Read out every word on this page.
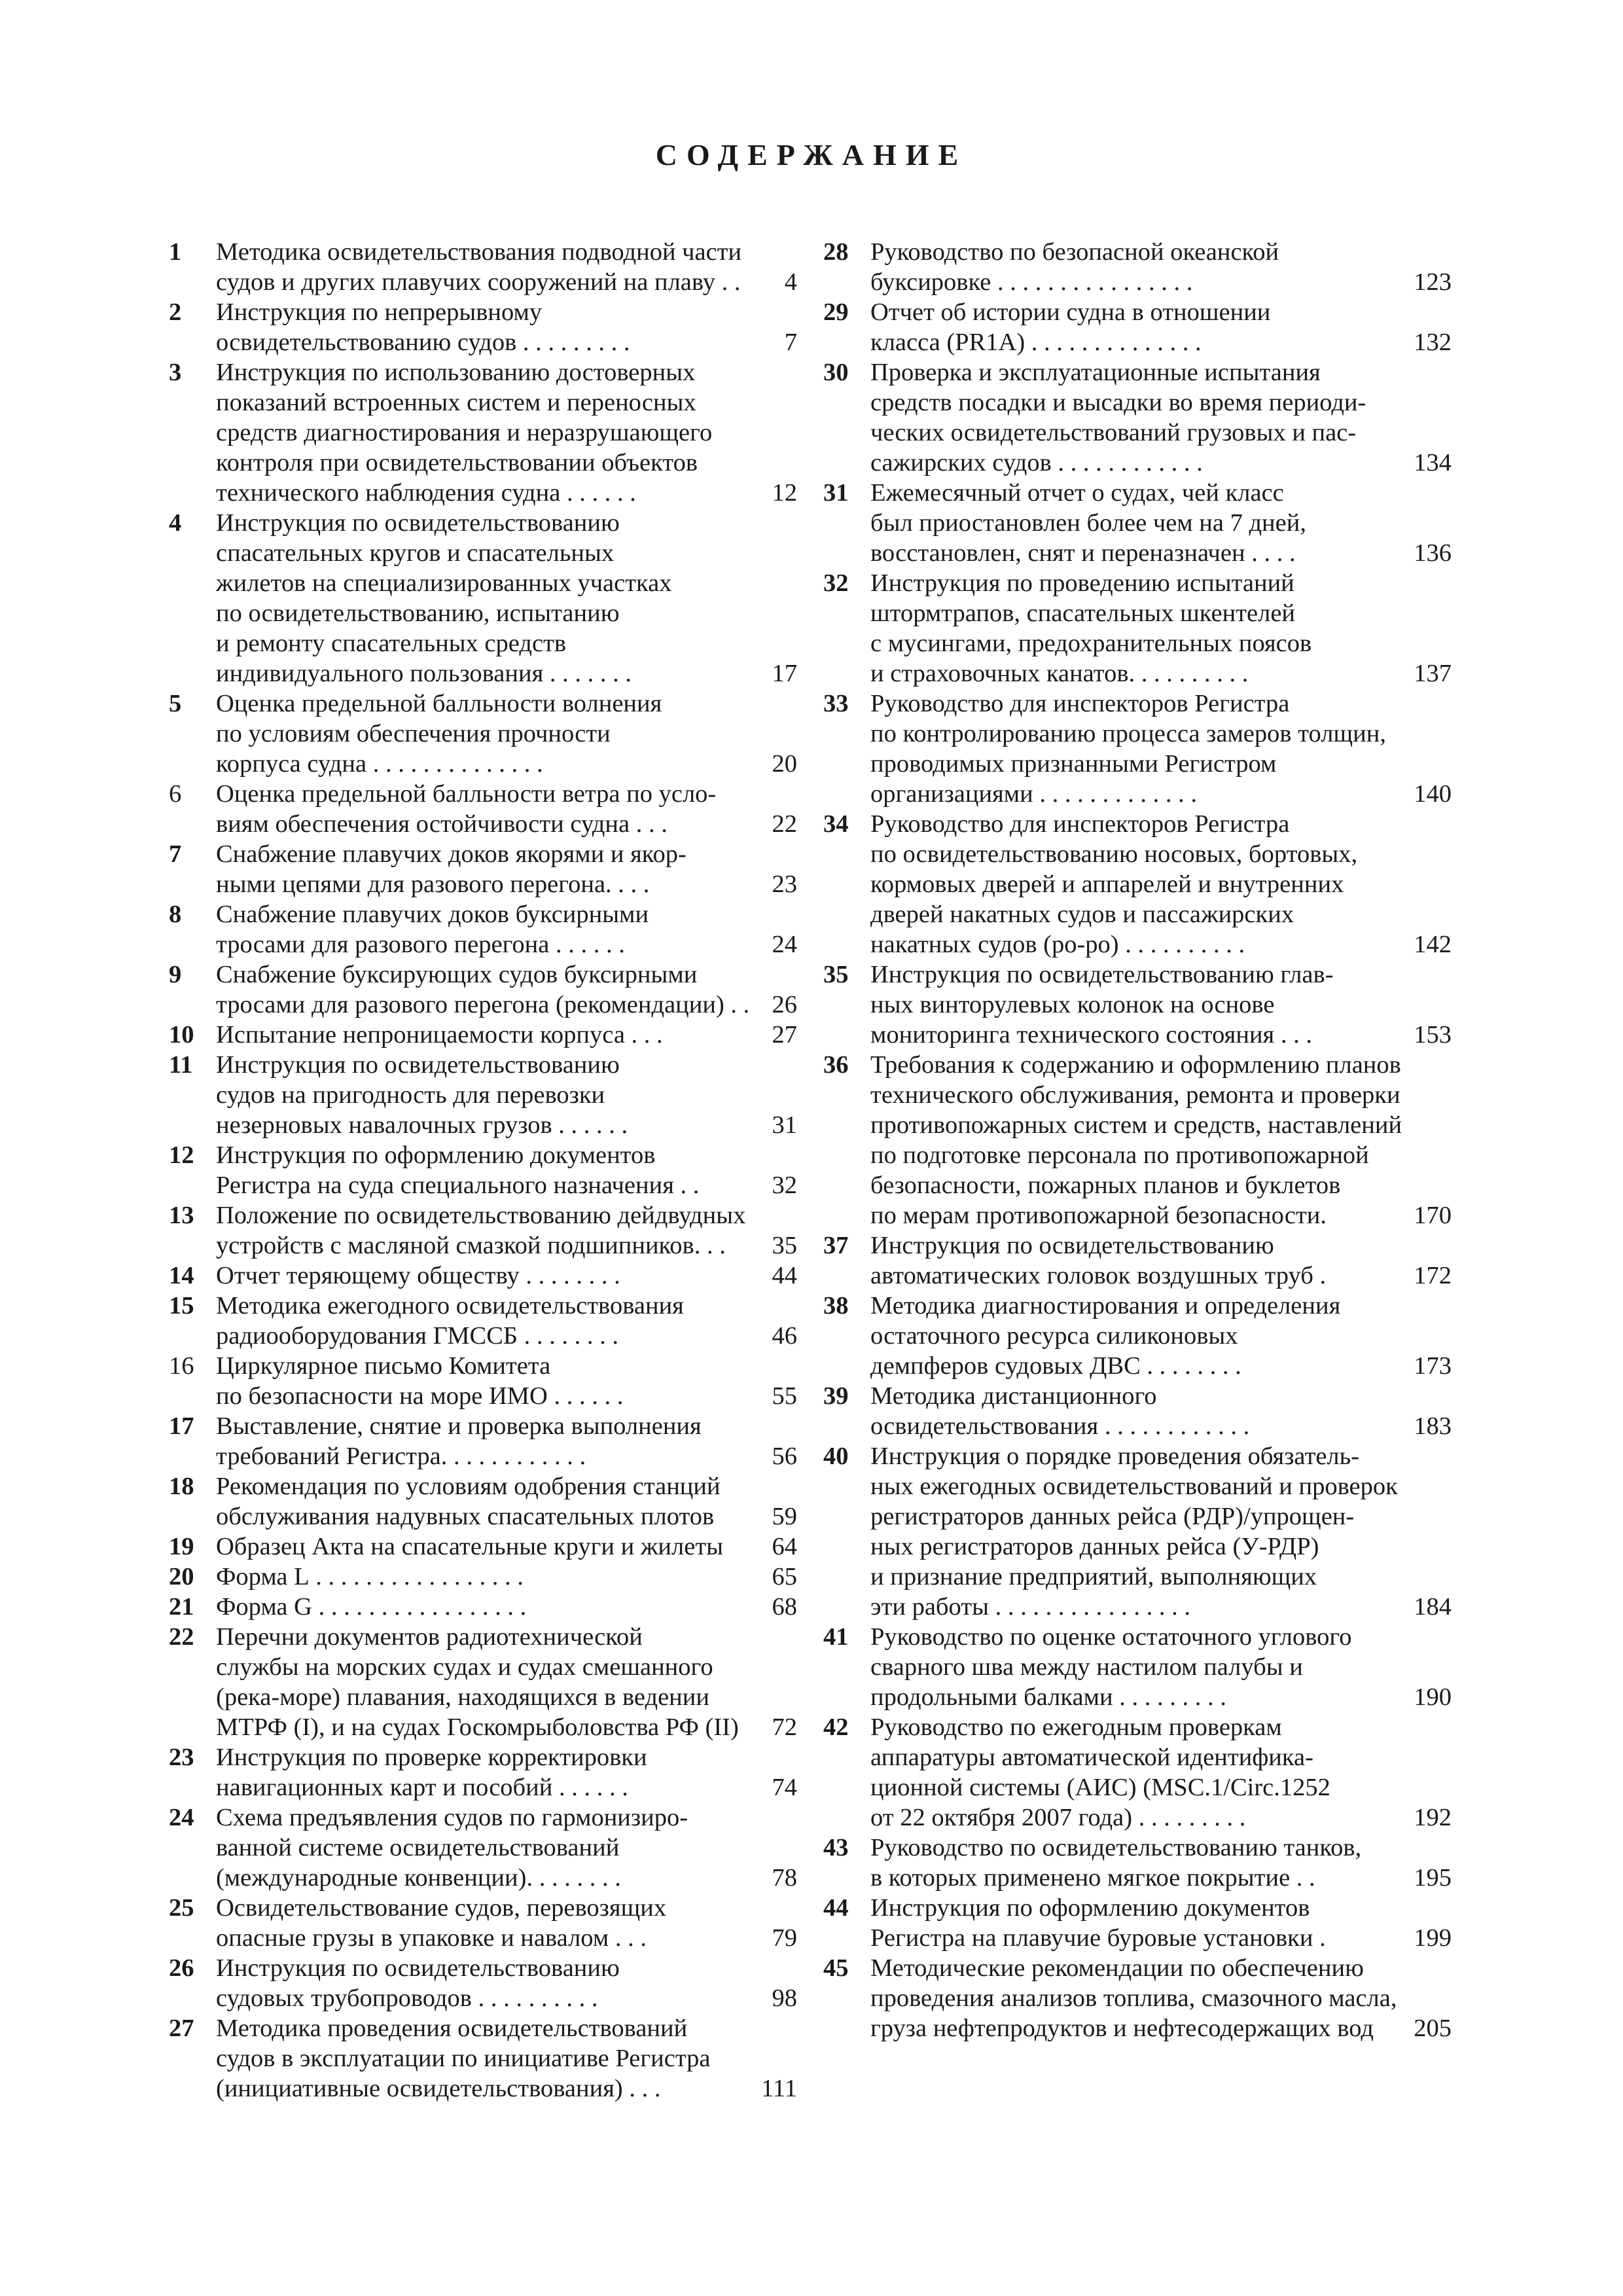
СОДЕРЖАНИЕ
1	Методика освидетельствования подводной части
судов и других плавучих сооружений на плаву . .	4
2	Инструкция по непрерывному
освидетельствованию судов . . . . . . . . .	7
3	Инструкция по использованию достоверных
показаний встроенных систем и переносных
средств диагностирования и неразрушающего
контроля при освидетельствовании объектов
технического наблюдения судна . . . . . .	12
4	Инструкция по освидетельствованию
спасательных кругов и спасательных
жилетов на специализированных участках
по освидетельствованию, испытанию
и ремонту спасательных средств
индивидуального пользования . . . . . . .	17
5	Оценка предельной балльности волнения
по условиям обеспечения прочности
корпуса судна . . . . . . . . . . . . . .	20
6	Оценка предельной балльности ветра по усло-
виям обеспечения остойчивости судна . . .	22
7	Снабжение плавучих доков якорями и якор-
ными цепями для разового перегона. . . .	23
8	Снабжение плавучих доков буксирными
тросами для разового перегона . . . . . .	24
9	Снабжение буксирующих судов буксирными
тросами для разового перегона (рекомендации) . . 26
10 Испытание непроницаемости корпуса . . .	27
11 Инструкция по освидетельствованию
судов на пригодность для перевозки
незерновых навалочных грузов . . . . . .	31
12 Инструкция по оформлению документов
Регистра на суда специального назначения . .	32
13 Положение по освидетельствованию дейдвудных
устройств с масляной смазкой подшипников. . .	35
14 Отчет теряющему обществу . . . . . . . .	44
15 Методика ежегодного освидетельствования
радиооборудования ГМССБ . . . . . . . .	46
16 Циркулярное письмо Комитета
по безопасности на море ИМО . . . . . .	55
17 Выставление, снятие и проверка выполнения
требований Регистра. . . . . . . . . . . .	56
18 Рекомендация по условиям одобрения станций
обслуживания надувных спасательных плотов 59
19 Образец Акта на спасательные круги и жилеты 64
20 Форма L . . . . . . . . . . . . . . . . .	65
21 Форма G . . . . . . . . . . . . . . . . .	68
22 Перечни документов радиотехнической
службы на морских судах и судах смешанного
(река-море) плавания, находящихся в ведении
МТРФ (I), и на судах Госкомрыболовства РФ (II) 72
23 Инструкция по проверке корректировки
навигационных карт и пособий . . . . . .	74
24 Схема предъявления судов по гармонизиро-
ванной системе освидетельствований
(международные конвенции). . . . . . . .	78
25 Освидетельствование судов, перевозящих
опасные грузы в упаковке и навалом . . .	79
26 Инструкция по освидетельствованию
судовых трубопроводов . . . . . . . . . .	98
27 Методика проведения освидетельствований
судов в эксплуатации по инициативе Регистра
(инициативные освидетельствования) . . .	111
28 Руководство по безопасной океанской
буксировке . . . . . . . . . . . . . . . .	123
29 Отчет об истории судна в отношении
класса (PR1A) . . . . . . . . . . . . . .	132
30 Проверка и эксплуатационные испытания
средств посадки и высадки во время периоди-
ческих освидетельствований грузовых и пас-
сажирских судов . . . . . . . . . . . .	134
31 Ежемесячный отчет о судах, чей класс
был приостановлен более чем на 7 дней,
восстановлен, снят и переназначен . . . .	136
32 Инструкция по проведению испытаний
штормтрапов, спасательных шкентелей
с мусингами, предохранительных поясов
и страховочных канатов. . . . . . . . . .	137
33 Руководство для инспекторов Регистра
по контролированию процесса замеров толщин,
проводимых признанными Регистром
организациями . . . . . . . . . . . . .	140
34 Руководство для инспекторов Регистра
по освидетельствованию носовых, бортовых,
кормовых дверей и аппарелей и внутренних
дверей накатных судов и пассажирских
накатных судов (ро-ро) . . . . . . . . . .	142
35 Инструкция по освидетельствованию глав-
ных винторулевых колонок на основе
мониторинга технического состояния . . .	153
36 Требования к содержанию и оформлению планов
технического обслуживания, ремонта и проверки
противопожарных систем и средств, наставлений
по подготовке персонала по противопожарной
безопасности, пожарных планов и буклетов
по мерам противопожарной безопасности.	170
37 Инструкция по освидетельствованию
автоматических головок воздушных труб .	172
38 Методика диагностирования и определения
остаточного ресурса силиконовых
демпферов судовых ДВС . . . . . . . .	173
39 Методика дистанционного
освидетельствования . . . . . . . . . . . .	183
40 Инструкция о порядке проведения обязатель-
ных ежегодных освидетельствований и проверок
регистраторов данных рейса (РДР)/упрощен-
ных регистраторов данных рейса (У-РДР)
и признание предприятий, выполняющих
эти работы . . . . . . . . . . . . . . . .	184
41 Руководство по оценке остаточного углового
сварного шва между настилом палубы и
продольными балками . . . . . . . . .	190
42 Руководство по ежегодным проверкам
аппаратуры автоматической идентифика-
ционной системы (АИС) (MSC.1/Circ.1252
от 22 октября 2007 года) . . . . . . . . .	192
43 Руководство по освидетельствованию танков,
в которых применено мягкое покрытие . .	195
44 Инструкция по оформлению документов
Регистра на плавучие буровые установки .	199
45 Методические рекомендации по обеспечению
проведения анализов топлива, смазочного масла,
груза нефтепродуктов и нефтесодержащих вод 205
